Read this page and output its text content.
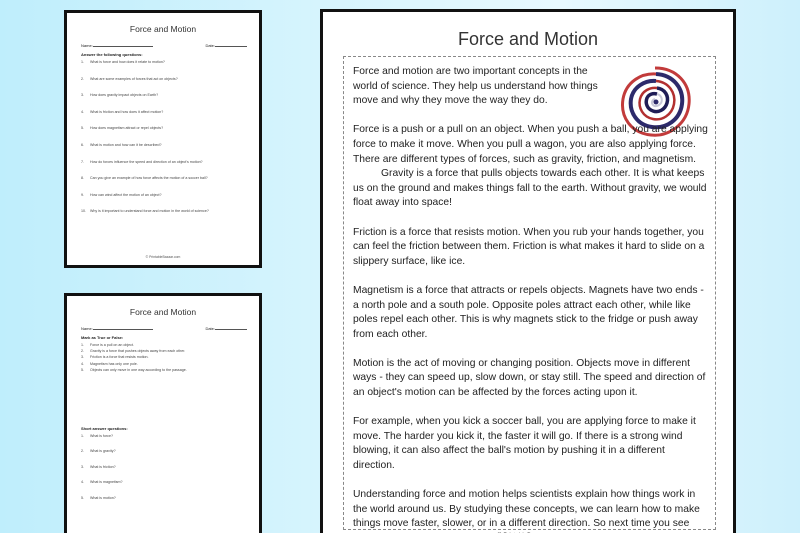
Force and Motion
Name:	Date:
Answer the following questions:
1.	What is force and how does it relate to motion?
2.	What are some examples of forces that act on objects?
3.	How does gravity impact objects on Earth?
4.	What is friction and how does it affect motion?
5.	How does magnetism attract or repel objects?
6.	What is motion and how can it be described?
7.	How do forces influence the speed and direction of an object's motion?
8.	Can you give an example of how force affects the motion of a soccer ball?
9.	How can wind affect the motion of an object?
10.	Why is it important to understand force and motion in the world of science?
© PrintableBazaar.com
Force and Motion
Name:	Date:
Mark as True or False:
1.	Force is a pull on an object.
2.	Gravity is a force that pushes objects away from each other.
3.	Friction is a force that resists motion.
4.	Magnetism has only one pole.
5.	Objects can only move in one way according to the passage.
Short answer questions:
1.	What is force?
2.	What is gravity?
3.	What is friction?
4.	What is magnetism?
5.	What is motion?
Force and Motion

Force and motion are two important concepts in the world of science. They help us understand how things move and why they move the way they do.

Force is a push or a pull on an object. When you push a ball, you are applying force to make it move. When you pull a wagon, you are also applying force. There are different types of forces, such as gravity, friction, and magnetism.

Gravity is a force that pulls objects towards each other. It is what keeps us on the ground and makes things fall to the earth. Without gravity, we would float away into space!

Friction is a force that resists motion. When you rub your hands together, you can feel the friction between them. Friction is what makes it hard to slide on a slippery surface, like ice.

Magnetism is a force that attracts or repels objects. Magnets have two ends - a north pole and a south pole. Opposite poles attract each other, while like poles repel each other. This is why magnets stick to the fridge or push away from each other.

Motion is the act of moving or changing position. Objects move in different ways - they can speed up, slow down, or stay still. The speed and direction of an object's motion can be affected by the forces acting upon it.

For example, when you kick a soccer ball, you are applying force to make it move. The harder you kick it, the faster it will go. If there is a strong wind blowing, it can also affect the ball's motion by pushing it in a different direction.

Understanding force and motion helps scientists explain how things work in the world around us. By studying these concepts, we can learn how to make things move faster, slower, or in a different direction. So next time you see
